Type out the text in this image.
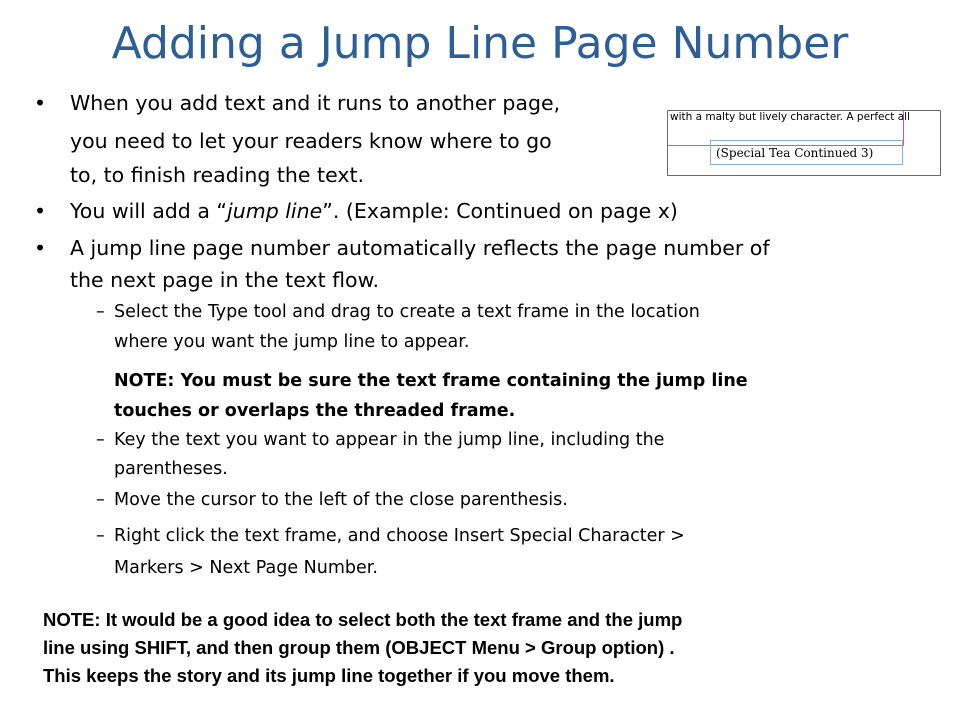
Adding a Jump Line Page Number
• When you add text and it runs to another page,
you need to let your readers know where to go
to, to finish reading the text.
• You will add a “jump line”. (Example: Continued on page x)
• A jump line page number automatically reflects the page number of
the next page in the text flow.
– Select the Type tool and drag to create a text frame in the location
where you want the jump line to appear.
NOTE: You must be sure the text frame containing the jump line
touches or overlaps the threaded frame.
– Key the text you want to appear in the jump line, including the
parentheses.
– Move the cursor to the left of the close parenthesis.
– Right click the text frame, and choose Insert Special Character >
Markers > Next Page Number.
with a malty but lively character. A perfect all
(Special Tea Continued 3)
NOTE: It would be a good idea to select both the text frame and the jump
line using SHIFT, and then group them (OBJECT Menu > Group option) .
This keeps the story and its jump line together if you move them.
